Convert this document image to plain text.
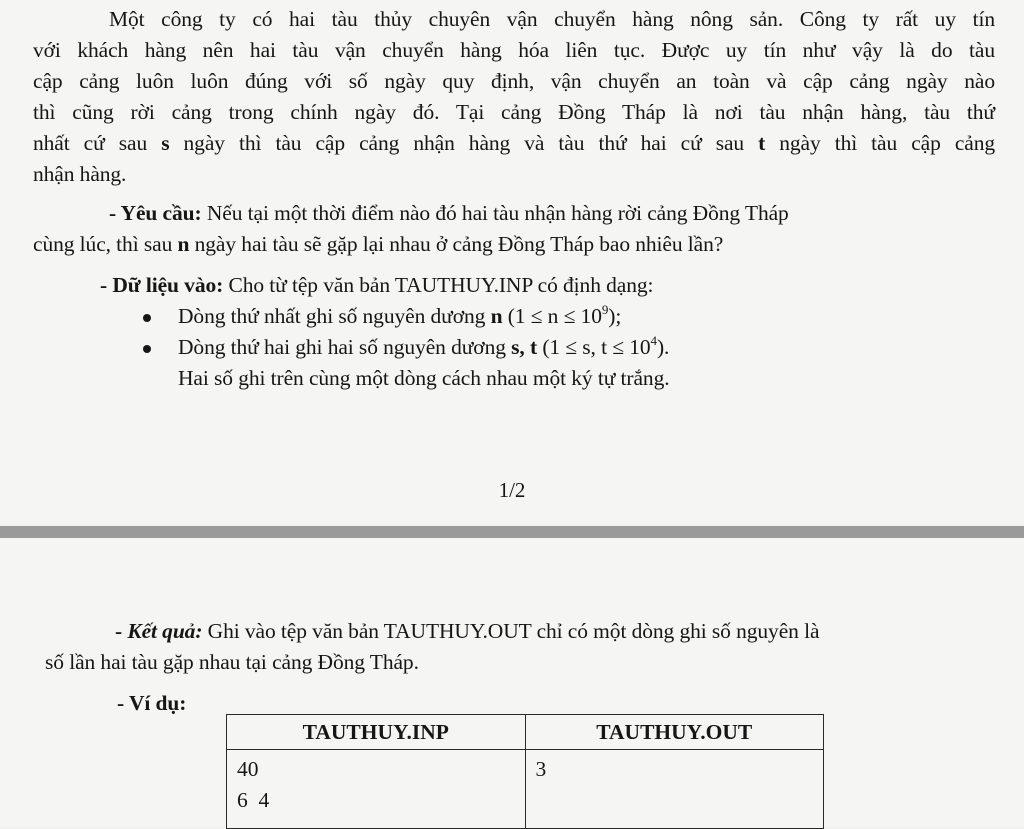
Một công ty có hai tàu thủy chuyên vận chuyển hàng nông sản. Công ty rất uy tín
với khách hàng nên hai tàu vận chuyển hàng hóa liên tục. Được uy tín như vậy là do tàu
cập cảng luôn luôn đúng với số ngày quy định, vận chuyển an toàn và cập cảng ngày nào
thì cũng rời cảng trong chính ngày đó. Tại cảng Đồng Tháp là nơi tàu nhận hàng, tàu thứ
nhất cứ sau s ngày thì tàu cập cảng nhận hàng và tàu thứ hai cứ sau t ngày thì tàu cập cảng
nhận hàng.
- Yêu cầu: Nếu tại một thời điểm nào đó hai tàu nhận hàng rời cảng Đồng Tháp
cùng lúc, thì sau n ngày hai tàu sẽ gặp lại nhau ở cảng Đồng Tháp bao nhiêu lần?
- Dữ liệu vào: Cho từ tệp văn bản TAUTHUY.INP có định dạng:
Dòng thứ nhất ghi số nguyên dương n $(1 \le n \le 10^9)$;
Dòng thứ hai ghi hai số nguyên dương s, t (1 ≤ s, $t \le 10^4$).
Hai số ghi trên cùng một dòng cách nhau một ký tự trắng.
1/2
- Kết quả: Ghi vào tệp văn bản TAUTHUY.OUT chỉ có một dòng ghi số nguyên là
số lần hai tàu gặp nhau tại cảng Đồng Tháp.
- Ví dụ:
TAUTHUY.INP	TAUTHUY.OUT

40
6  4	3
